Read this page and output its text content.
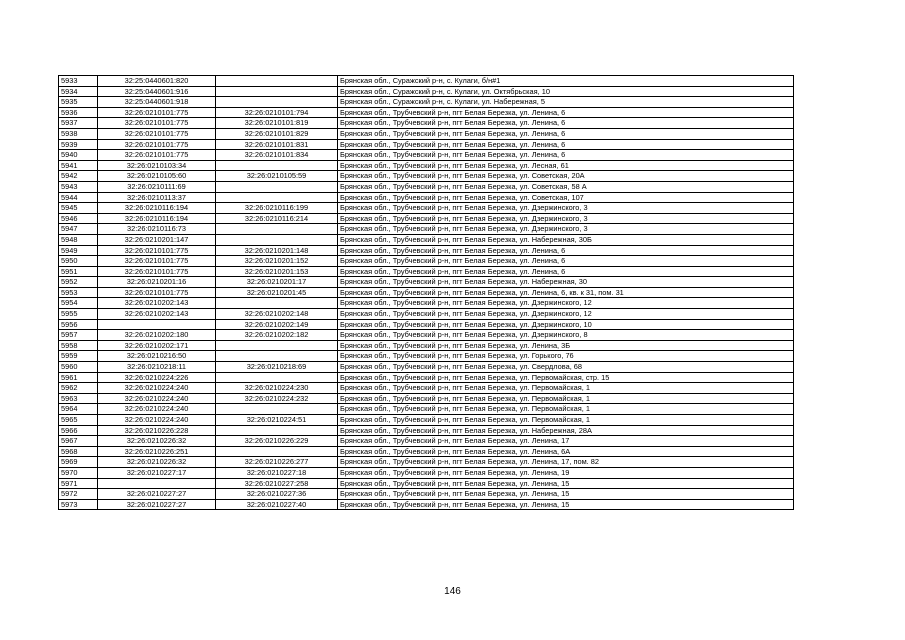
5933	32:25:0440601:820		Брянская обл., Суражский р-н, с. Кулаги, б/н#1
5934	32:25:0440601:916		Брянская обл., Суражский р-н, с. Кулаги, ул. Октябрьская, 10
5935	32:25:0440601:918		Брянская обл., Суражский р-н, с. Кулаги, ул. Набережная, 5
5936	32:26:0210101:775	32:26:0210101:794	Брянская обл., Трубчевский р-н, пгт Белая Березка, ул. Ленина, 6
5937	32:26:0210101:775	32:26:0210101:819	Брянская обл., Трубчевский р-н, пгт Белая Березка, ул. Ленина, 6
5938	32:26:0210101:775	32:26:0210101:829	Брянская обл., Трубчевский р-н, пгт Белая Березка, ул. Ленина, 6
5939	32:26:0210101:775	32:26:0210101:831	Брянская обл., Трубчевский р-н, пгт Белая Березка, ул. Ленина, 6
5940	32:26:0210101:775	32:26:0210101:834	Брянская обл., Трубчевский р-н, пгт Белая Березка, ул. Ленина, 6
5941	32:26:0210103:34		Брянская обл., Трубчевский р-н, пгт Белая Березка, ул. Лесная, 61
5942	32:26:0210105:60	32:26:0210105:59	Брянская обл., Трубчевский р-н, пгт Белая Березка, ул. Советская, 20А
5943	32:26:0210111:69		Брянская обл., Трубчевский р-н, пгт Белая Березка, ул. Советская, 58 А
5944	32:26:0210113:37		Брянская обл., Трубчевский р-н, пгт Белая Березка, ул. Советская, 107
5945	32:26:0210116:194	32:26:0210116:199	Брянская обл., Трубчевский р-н, пгт Белая Березка, ул. Дзержинского, 3
5946	32:26:0210116:194	32:26:0210116:214	Брянская обл., Трубчевский р-н, пгт Белая Березка, ул. Дзержинского, 3
5947	32:26:0210116:73		Брянская обл., Трубчевский р-н, пгт Белая Березка, ул. Дзержинского, 3
5948	32:26:0210201:147		Брянская обл., Трубчевский р-н, пгт Белая Березка, ул. Набережная, 30Б
5949	32:26:0210101:775	32:26:0210201:148	Брянская обл., Трубчевский р-н, пгт Белая Березка, ул. Ленина, 6
5950	32:26:0210101:775	32:26:0210201:152	Брянская обл., Трубчевский р-н, пгт Белая Березка, ул. Ленина, 6
5951	32:26:0210101:775	32:26:0210201:153	Брянская обл., Трубчевский р-н, пгт Белая Березка, ул. Ленина, 6
5952	32:26:0210201:16	32:26:0210201:17	Брянская обл., Трубчевский р-н, пгт Белая Березка, ул. Набережная, 30
5953	32:26:0210101:775	32:26:0210201:45	Брянская обл., Трубчевский р-н, пгт Белая Березка, ул. Ленина, 6, кв. к 31, пом. 31
5954	32:26:0210202:143		Брянская обл., Трубчевский р-н, пгт Белая Березка, ул. Дзержинского, 12
5955	32:26:0210202:143	32:26:0210202:148	Брянская обл., Трубчевский р-н, пгт Белая Березка, ул. Дзержинского, 12
5956		32:26:0210202:149	Брянская обл., Трубчевский р-н, пгт Белая Березка, ул. Дзержинского, 10
5957	32:26:0210202:180	32:26:0210202:182	Брянская обл., Трубчевский р-н, пгт Белая Березка, ул. Дзержинского, 8
5958	32:26:0210202:171		Брянская обл., Трубчевский р-н, пгт Белая Березка, ул. Ленина, 3Б
5959	32:26:0210216:50		Брянская обл., Трубчевский р-н, пгт Белая Березка, ул. Горького, 76
5960	32:26:0210218:11	32:26:0210218:69	Брянская обл., Трубчевский р-н, пгт Белая Березка, ул. Свердлова, 68
5961	32:26:0210224:226		Брянская обл., Трубчевский р-н, пгт Белая Березка, ул. Первомайская, стр. 15
5962	32:26:0210224:240	32:26:0210224:230	Брянская обл., Трубчевский р-н, пгт Белая Березка, ул. Первомайская, 1
5963	32:26:0210224:240	32:26:0210224:232	Брянская обл., Трубчевский р-н, пгт Белая Березка, ул. Первомайская, 1
5964	32:26:0210224:240		Брянская обл., Трубчевский р-н, пгт Белая Березка, ул. Первомайская, 1
5965	32:26:0210224:240	32:26:0210224:51	Брянская обл., Трубчевский р-н, пгт Белая Березка, ул. Первомайская, 1
5966	32:26:0210226:228		Брянская обл., Трубчевский р-н, пгт Белая Березка, ул. Набережная, 28А
5967	32:26:0210226:32	32:26:0210226:229	Брянская обл., Трубчевский р-н, пгт Белая Березка, ул. Ленина, 17
5968	32:26:0210226:251		Брянская обл., Трубчевский р-н, пгт Белая Березка, ул. Ленина, 6А
5969	32:26:0210226:32	32:26:0210226:277	Брянская обл., Трубчевский р-н, пгт Белая Березка, ул. Ленина, 17, пом. 82
5970	32:26:0210227:17	32:26:0210227:18	Брянская обл., Трубчевский р-н, пгт Белая Березка, ул. Ленина, 19
5971		32:26:0210227:258	Брянская обл., Трубчевский р-н, пгт Белая Березка, ул. Ленина, 15
5972	32:26:0210227:27	32:26:0210227:36	Брянская обл., Трубчевский р-н, пгт Белая Березка, ул. Ленина, 15
5973	32:26:0210227:27	32:26:0210227:40	Брянская обл., Трубчевский р-н, пгт Белая Березка, ул. Ленина, 15
146
